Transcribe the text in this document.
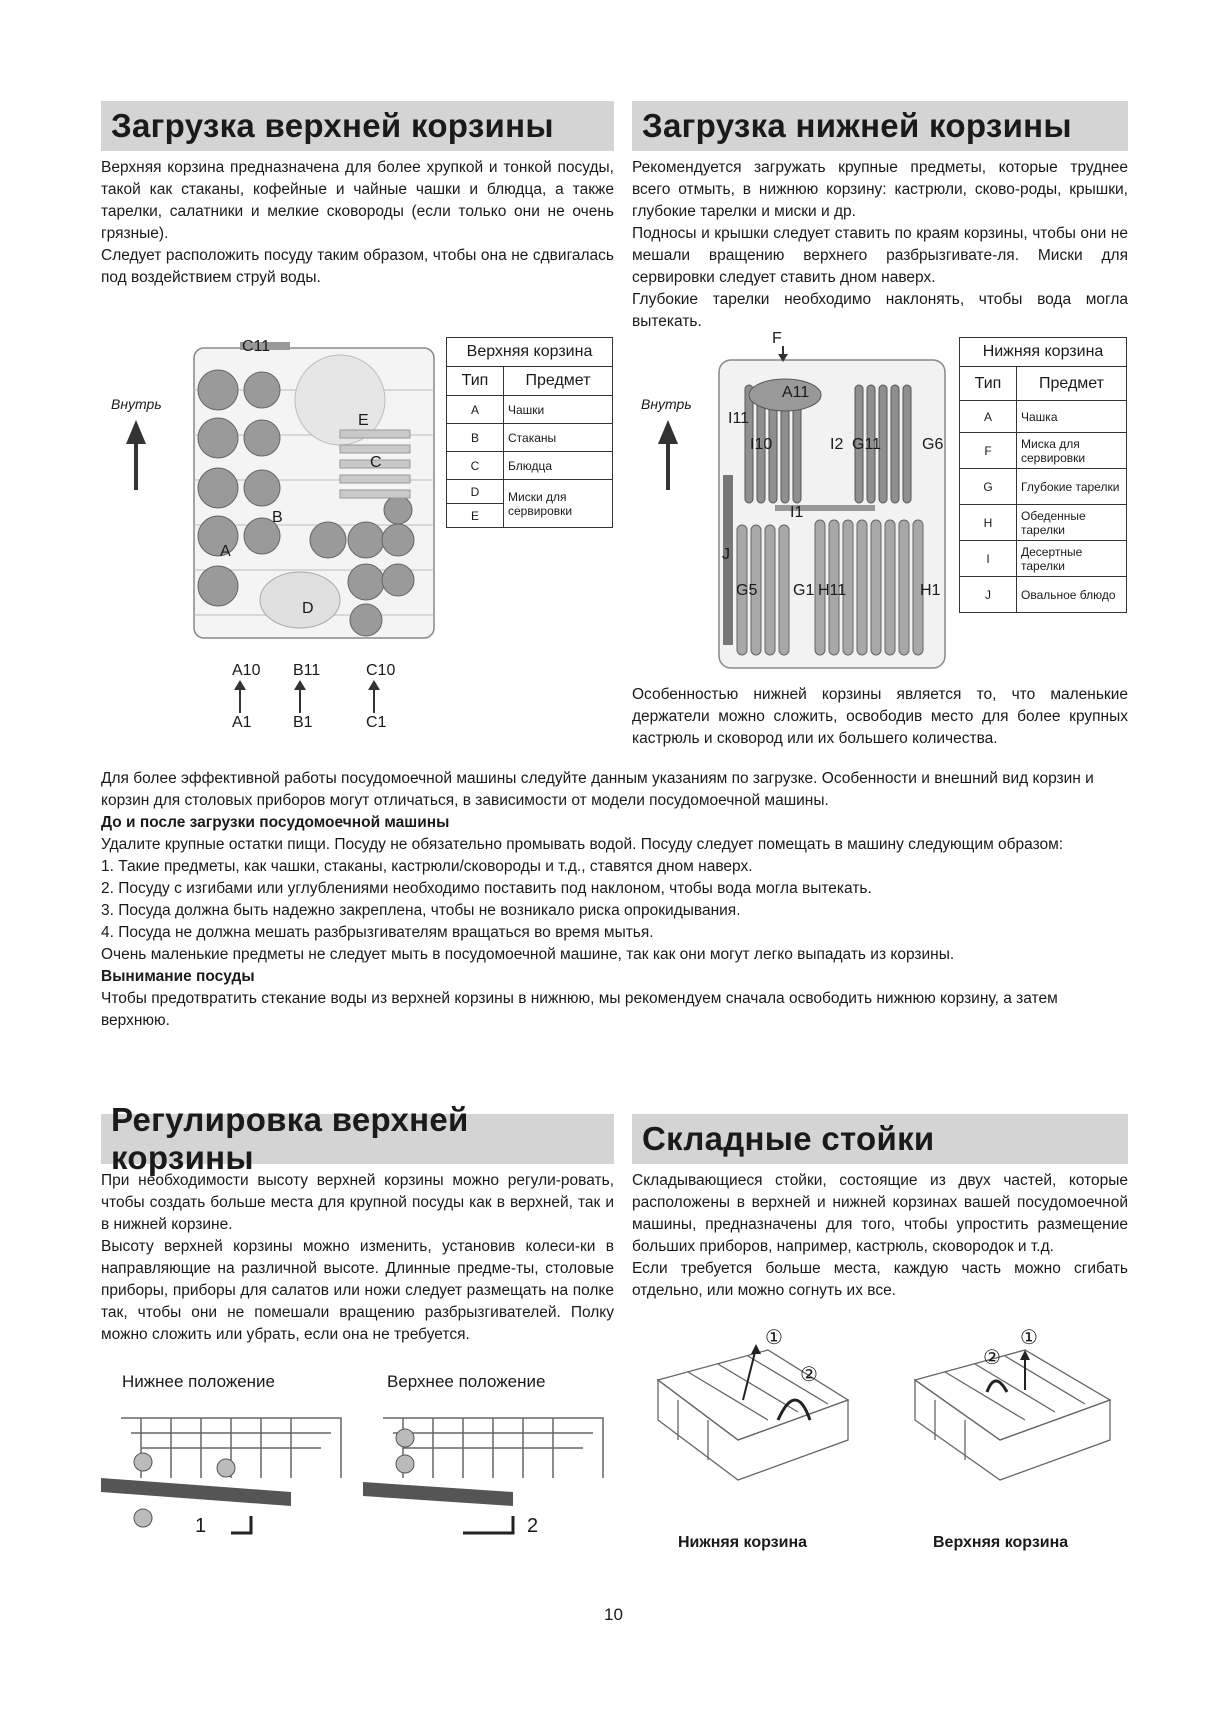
Загрузка верхней корзины

Верхняя корзина предназначена для более хрупкой и тонкой посуды, такой как стаканы, кофейные и чайные чашки и блюдца, а также тарелки, салатники и мелкие сковороды (если только они не очень грязные).

Следует расположить посуду таким образом, чтобы она не сдвигалась под воздействием струй воды.

Загрузка нижней корзины

Рекомендуется загружать крупные предметы, которые труднее всего отмыть, в нижнюю корзину: кастрюли, сково-роды, крышки, глубокие тарелки и миски и др.

Подносы и крышки следует ставить по краям корзины, чтобы они не мешали вращению верхнего разбрызгивате-ля. Миски для сервировки следует ставить дном наверх.

Глубокие тарелки необходимо наклонять, чтобы вода могла вытекать.

Внутрь
C11
E
C
B
A
D
A10 B11	C10
A1	B1	C1
Верхняя корзина	
Тип	Предмет
A	Чашки
B	Стаканы
C	Блюдца
D	Миски для сервировки
E	
Внутрь
F
A11
I11
I10	I2 G11	G6
I1
J
G5 G1 H11	H1
Нижняя корзина	
Тип	Предмет
A	Чашка
F	Миска для сервировки
G	Глубокие тарелки
H	Обеденные тарелки
I	Десертные тарелки
J	Овальное блюдо

Особенностью нижней корзины является то, что маленькие держатели можно сложить, освободив место для более крупных кастрюль и сковород или их большего количества.

Для более эффективной работы посудомоечной машины следуйте данным указаниям по загрузке. Особенности и внешний вид корзин и корзин для столовых приборов могут отличаться, в зависимости от модели посудомоечной машины.

До и после загрузки посудомоечной машины

Удалите крупные остатки пищи. Посуду не обязательно промывать водой. Посуду следует помещать в машину следующим образом:

1. Такие предметы, как чашки, стаканы, кастрюли/сковороды и т.д., ставятся дном наверх.

2. Посуду с изгибами или углублениями необходимо поставить под наклоном, чтобы вода могла вытекать.

3. Посуда должна быть надежно закреплена, чтобы не возникало риска опрокидывания.

4. Посуда не должна мешать разбрызгивателям вращаться во время мытья.

Очень маленькие предметы не следует мыть в посудомоечной машине, так как они могут легко выпадать из корзины.

Вынимание посуды

Чтобы предотвратить стекание воды из верхней корзины в нижнюю, мы рекомендуем сначала освободить нижнюю корзину, а затем верхнюю.

Регулировка верхней корзины

При необходимости высоту верхней корзины можно регули-ровать, чтобы создать больше места для крупной посуды как в верхней, так и в нижней корзине.

Высоту верхней корзины можно изменить, установив колеси-ки в направляющие на различной высоте. Длинные предме-ты, столовые приборы, приборы для салатов или ножи следует размещать на полке так, чтобы они не помешали вращению разбрызгивателей. Полку можно сложить или убрать, если она не требуется.

Нижнее положение	Верхнее положение
1	2
Складные стойки

Складывающиеся стойки, состоящие из двух частей, которые расположены в верхней и нижней корзинах вашей посудомоечной машины, предназначены для того, чтобы упростить размещение больших приборов, например, кастрюль, сковородок и т.д.

Если требуется больше места, каждую часть можно сгибать отдельно, или можно согнуть их все.

①
②
①
②
Нижняя корзина	Верхняя корзина
10
